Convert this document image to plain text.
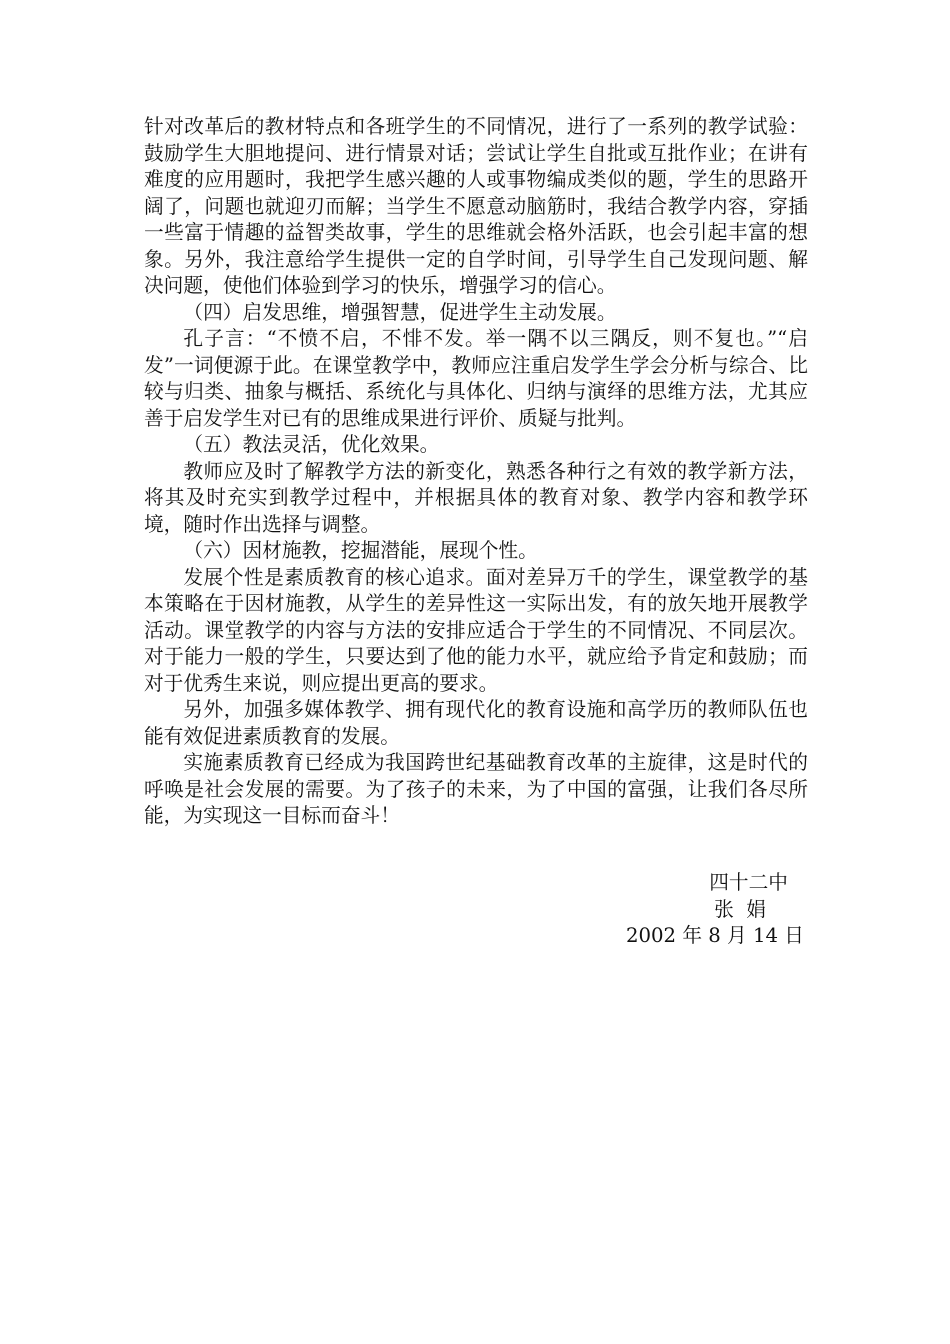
针对改革后的教材特点和各班学生的不同情况，进行了一系列的教学试验：鼓励学生大胆地提问、进行情景对话；尝试让学生自批或互批作业；在讲有难度的应用题时，我把学生感兴趣的人或事物编成类似的题，学生的思路开阔了，问题也就迎刃而解；当学生不愿意动脑筋时，我结合教学内容，穿插一些富于情趣的益智类故事，学生的思维就会格外活跃，也会引起丰富的想象。另外，我注意给学生提供一定的自学时间，引导学生自己发现问题、解决问题，使他们体验到学习的快乐，增强学习的信心。

（四）启发思维，增强智慧，促进学生主动发展。

孔子言：“不愤不启，不悱不发。举一隅不以三隅反，则不复也。”“启发”一词便源于此。在课堂教学中，教师应注重启发学生学会分析与综合、比较与归类、抽象与概括、系统化与具体化、归纳与演绎的思维方法，尤其应善于启发学生对已有的思维成果进行评价、质疑与批判。

（五）教法灵活，优化效果。

教师应及时了解教学方法的新变化，熟悉各种行之有效的教学新方法，将其及时充实到教学过程中，并根据具体的教育对象、教学内容和教学环境，随时作出选择与调整。

（六）因材施教，挖掘潜能，展现个性。

发展个性是素质教育的核心追求。面对差异万千的学生，课堂教学的基本策略在于因材施教，从学生的差异性这一实际出发，有的放矢地开展教学活动。课堂教学的内容与方法的安排应适合于学生的不同情况、不同层次。对于能力一般的学生，只要达到了他的能力水平，就应给予肯定和鼓励；而对于优秀生来说，则应提出更高的要求。

另外，加强多媒体教学、拥有现代化的教育设施和高学历的教师队伍也能有效促进素质教育的发展。

实施素质教育已经成为我国跨世纪基础教育改革的主旋律，这是时代的呼唤是社会发展的需要。为了孩子的未来，为了中国的富强，让我们各尽所能，为实现这一目标而奋斗！

四十二中
张  娟
2002 年 8 月 14 日
